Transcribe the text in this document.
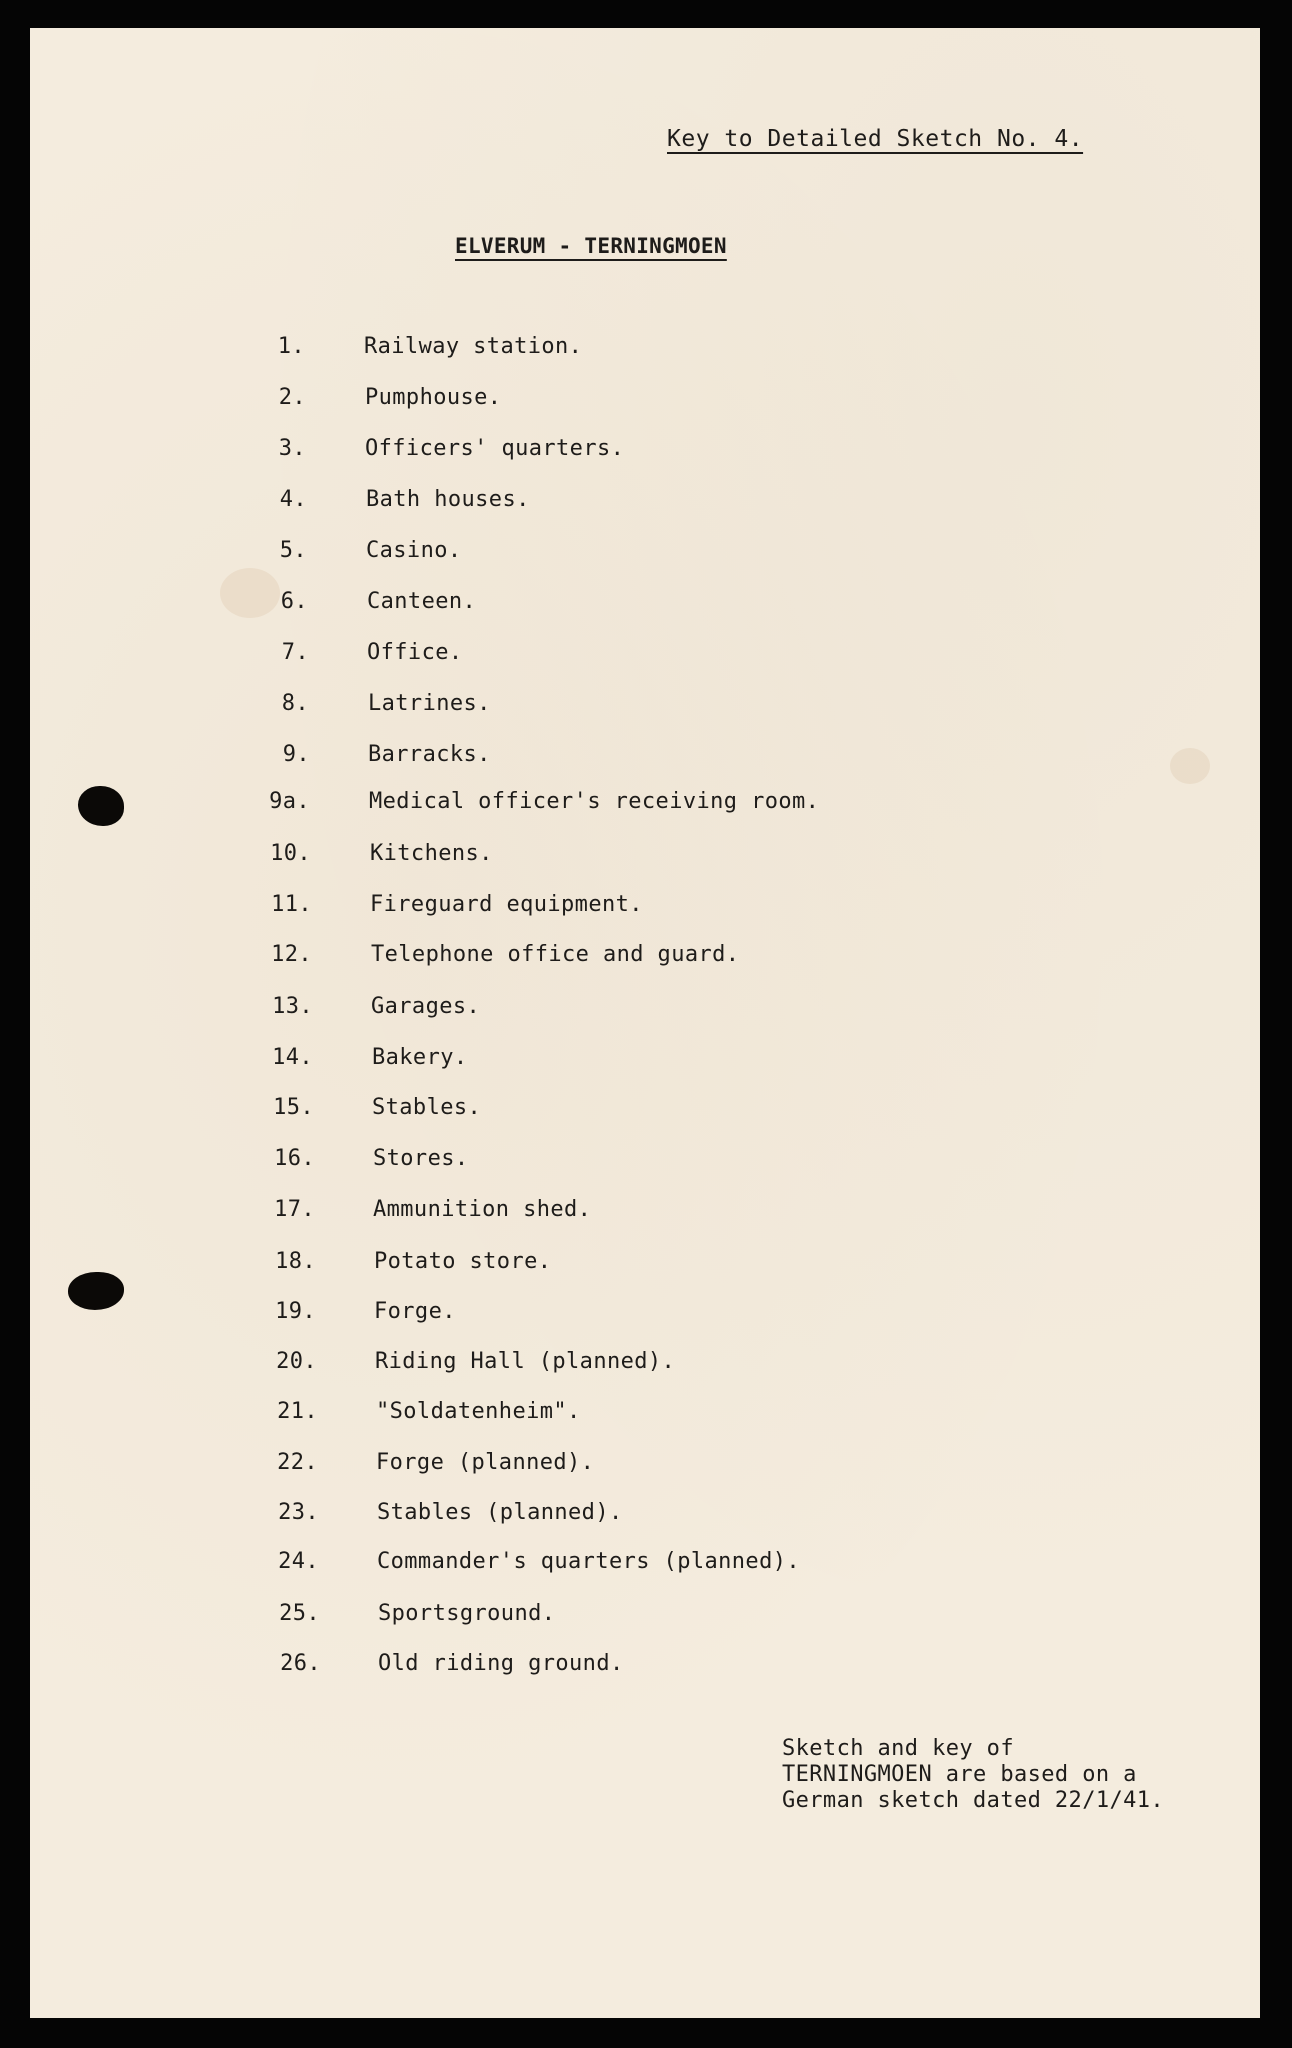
Key to Detailed Sketch No. 4.
ELVERUM - TERNINGMOEN
1.	Railway station.
2.	Pumphouse.
3.	Officers' quarters.
4.	Bath houses.
5.	Casino.
6.	Canteen.
7.	Office.
8.	Latrines.
9.	Barracks.
9a.	Medical officer's receiving room.
10.	Kitchens.
11.	Fireguard equipment.
12.	Telephone office and guard.
13.	Garages.
14.	Bakery.
15.	Stables.
16.	Stores.
17.	Ammunition shed.
18.	Potato store.
19.	Forge.
20.	Riding Hall (planned).
21.	"Soldatenheim".
22.	Forge (planned).
23.	Stables (planned).
24.	Commander's quarters (planned).
25.	Sportsground.
26.	Old riding ground.
Sketch and key of
TERNINGMOEN are based on a
German sketch dated 22/1/41.
